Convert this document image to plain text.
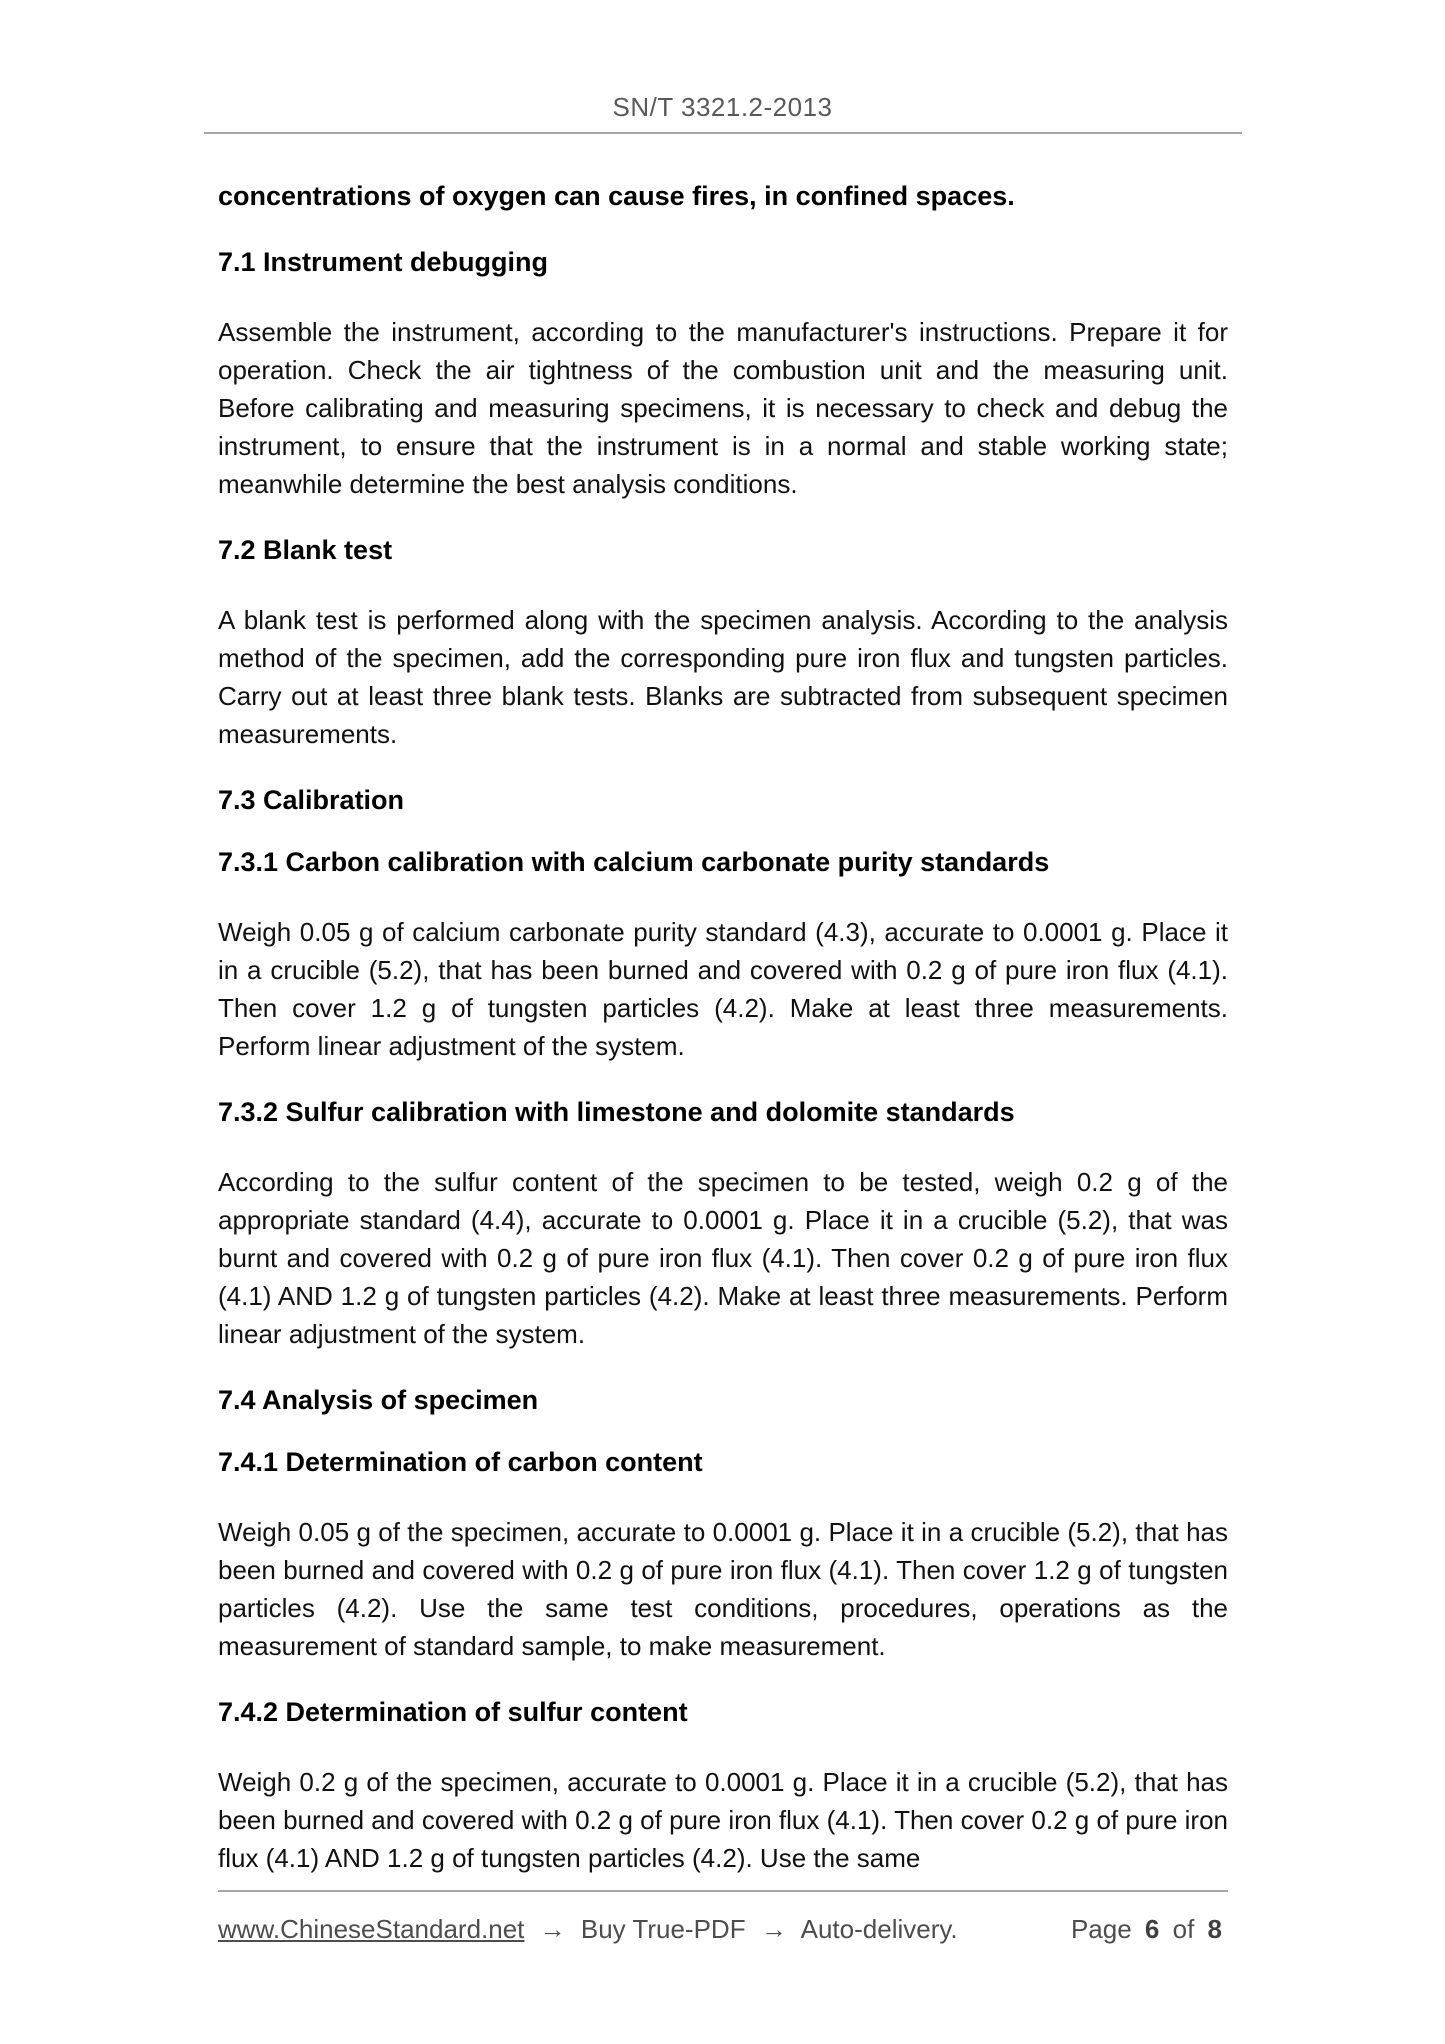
SN/T 3321.2-2013

concentrations of oxygen can cause fires, in confined spaces.

7.1 Instrument debugging

Assemble the instrument, according to the manufacturer's instructions. Prepare it for operation. Check the air tightness of the combustion unit and the measuring unit. Before calibrating and measuring specimens, it is necessary to check and debug the instrument, to ensure that the instrument is in a normal and stable working state; meanwhile determine the best analysis conditions.

7.2 Blank test

A blank test is performed along with the specimen analysis. According to the analysis method of the specimen, add the corresponding pure iron flux and tungsten particles. Carry out at least three blank tests. Blanks are subtracted from subsequent specimen measurements.

7.3 Calibration
7.3.1 Carbon calibration with calcium carbonate purity standards

Weigh 0.05 g of calcium carbonate purity standard (4.3), accurate to 0.0001 g. Place it in a crucible (5.2), that has been burned and covered with 0.2 g of pure iron flux (4.1). Then cover 1.2 g of tungsten particles (4.2). Make at least three measurements. Perform linear adjustment of the system.

7.3.2 Sulfur calibration with limestone and dolomite standards

According to the sulfur content of the specimen to be tested, weigh 0.2 g of the appropriate standard (4.4), accurate to 0.0001 g. Place it in a crucible (5.2), that was burnt and covered with 0.2 g of pure iron flux (4.1). Then cover 0.2 g of pure iron flux (4.1) AND 1.2 g of tungsten particles (4.2). Make at least three measurements. Perform linear adjustment of the system.

7.4 Analysis of specimen
7.4.1 Determination of carbon content

Weigh 0.05 g of the specimen, accurate to 0.0001 g. Place it in a crucible (5.2), that has been burned and covered with 0.2 g of pure iron flux (4.1). Then cover 1.2 g of tungsten particles (4.2). Use the same test conditions, procedures, operations as the measurement of standard sample, to make measurement.

7.4.2 Determination of sulfur content

Weigh 0.2 g of the specimen, accurate to 0.0001 g. Place it in a crucible (5.2), that has been burned and covered with 0.2 g of pure iron flux (4.1). Then cover 0.2 g of pure iron flux (4.1) AND 1.2 g of tungsten particles (4.2). Use the same

www.ChineseStandard.net → Buy True-PDF → Auto-delivery.	Page 6 of 8
